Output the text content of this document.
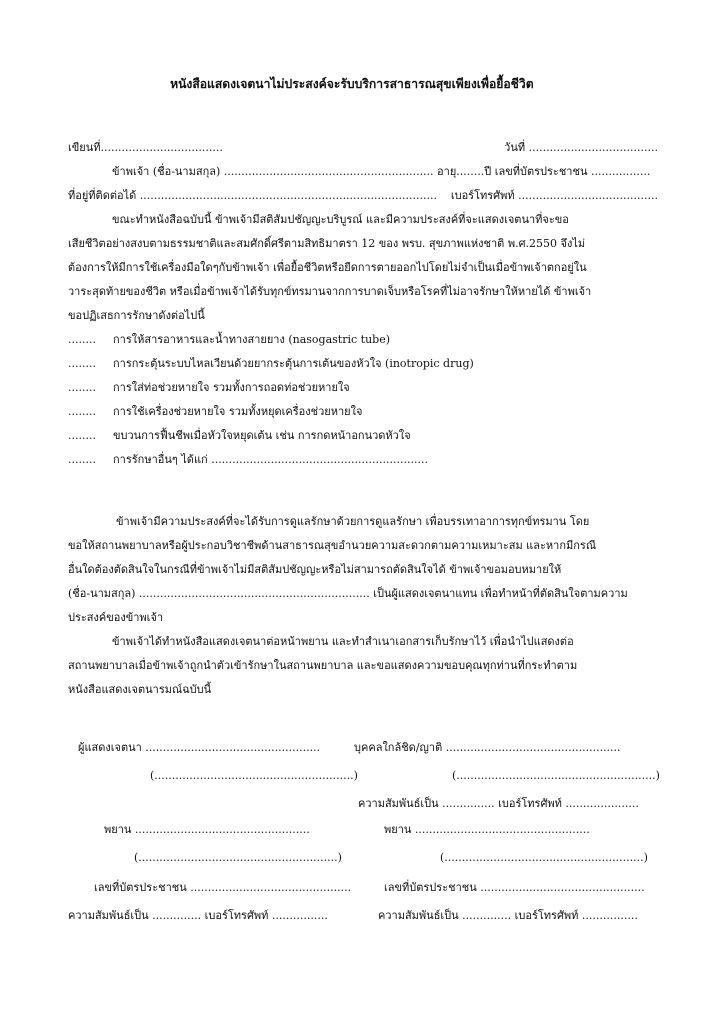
หนังสือแสดงเจตนาไม่ประสงค์จะรับบริการสาธารณสุขเพียงเพื่อยื้อชีวิต
เขียนที่...................................	วันที่ .....................................
ข้าพเจ้า (ชื่อ-นามสกุล) ............................................................ อายุ........ปี เลขที่บัตรประชาชน .................
ที่อยู่ที่ติดต่อได้ ..................................................................................... เบอร์โทรศัพท์ ........................................
ขณะทำหนังสือฉบับนี้ ข้าพเจ้ามีสติสัมปชัญญะบริบูรณ์ และมีความประสงค์ที่จะแสดงเจตนาที่จะขอ
เสียชีวิตอย่างสงบตามธรรมชาติและสมศักดิ์ศรีตามสิทธิมาตรา 12 ของ พรบ. สุขภาพแห่งชาติ พ.ศ.2550 จึงไม่
ต้องการให้มีการใช้เครื่องมือใดๆกับข้าพเจ้า เพื่อยื้อชีวิตหรือยืดการตายออกไปโดยไม่จำเป็นเมื่อข้าพเจ้าตกอยู่ใน
วาระสุดท้ายของชีวิต หรือเมื่อข้าพเจ้าได้รับทุกข์ทรมานจากการบาดเจ็บหรือโรคที่ไม่อาจรักษาให้หายได้ ข้าพเจ้า
ขอปฏิเสธการรักษาดังต่อไปนี้
........ การให้สารอาหารและน้ำทางสายยาง (nasogastric tube)
........ การกระตุ้นระบบไหลเวียนด้วยยากระตุ้นการเต้นของหัวใจ (inotropic drug)
........ การใส่ท่อช่วยหายใจ รวมทั้งการถอดท่อช่วยหายใจ
........ การใช้เครื่องช่วยหายใจ รวมทั้งหยุดเครื่องช่วยหายใจ
........ ขบวนการฟื้นชีพเมื่อหัวใจหยุดเต้น เช่น การกดหน้าอกนวดหัวใจ
........ การรักษาอื่นๆ ได้แก่ ..............................................................
ข้าพเจ้ามีความประสงค์ที่จะได้รับการดูแลรักษาด้วยการดูแลรักษา เพื่อบรรเทาอาการทุกข์ทรมาน โดย
ขอให้สถานพยาบาลหรือผู้ประกอบวิชาชีพด้านสาธารณสุขอำนวยความสะดวกตามความเหมาะสม และหากมีกรณี
อื่นใดต้องตัดสินใจในกรณีที่ข้าพเจ้าไม่มีสติสัมปชัญญะหรือไม่สามารถตัดสินใจได้ ข้าพเจ้าขอมอบหมายให้
(ชื่อ-นามสกุล) .................................................................. เป็นผู้แสดงเจตนาแทน เพื่อทำหน้าที่ตัดสินใจตามความ
ประสงค์ของข้าพเจ้า
ข้าพเจ้าได้ทำหนังสือแสดงเจตนาต่อหน้าพยาน และทำสำเนาเอกสารเก็บรักษาไว้ เพื่อนำไปแสดงต่อ
สถานพยาบาลเมื่อข้าพเจ้าถูกนำตัวเข้ารักษาในสถานพยาบาล และขอแสดงความขอบคุณทุกท่านที่กระทำตาม
หนังสือแสดงเจตนารมณ์ฉบับนี้
ผู้แสดงเจตนา ..................................................	บุคคลใกล้ชิด/ญาติ ..................................................
(.........................................................)	(.........................................................)
ความสัมพันธ์เป็น ............... เบอร์โทรศัพท์ .....................
พยาน ..................................................	พยาน ..................................................
(.........................................................)	(.........................................................)
เลขที่บัตรประชาชน ..............................................	เลขที่บัตรประชาชน ...............................................
ความสัมพันธ์เป็น .............. เบอร์โทรศัพท์ ................	ความสัมพันธ์เป็น .............. เบอร์โทรศัพท์ ................
